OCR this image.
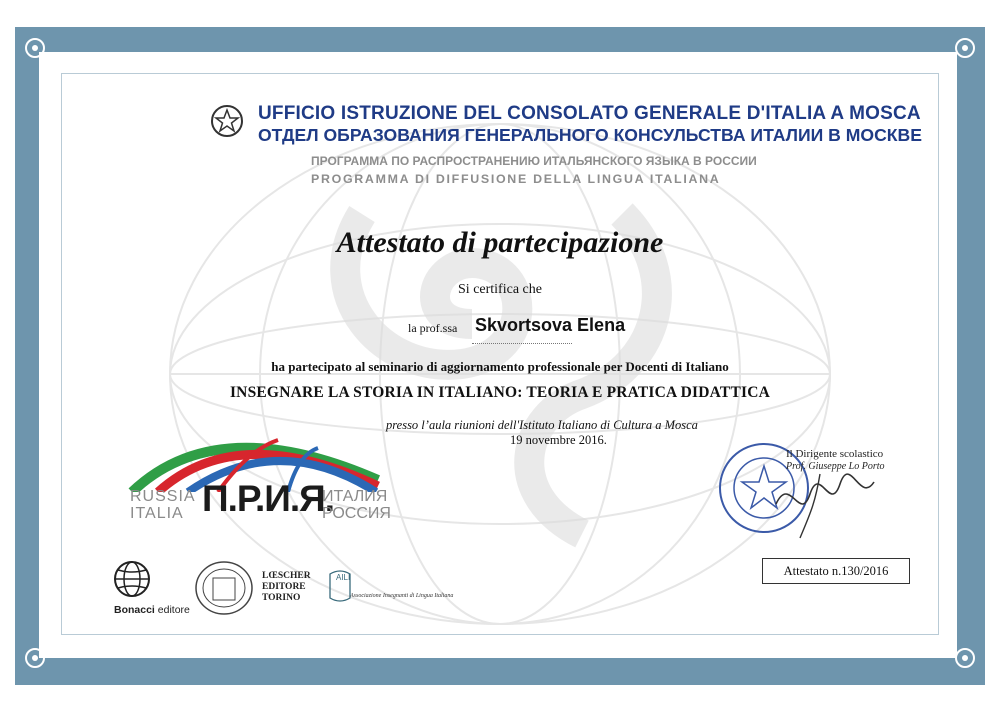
UFFICIO ISTRUZIONE DEL CONSOLATO GENERALE D'ITALIA A MOSCA
ОТДЕЛ ОБРАЗОВАНИЯ ГЕНЕРАЛЬНОГО КОНСУЛЬСТВА ИТАЛИИ В МОСКВЕ
ПРОГРАММА ПО РАСПРОСТРАНЕНИЮ ИТАЛЬЯНСКОГО ЯЗЫКА В РОССИИ
PROGRAMMA DI DIFFUSIONE DELLA LINGUA ITALIANA
Attestato di partecipazione
Si certifica che
la prof.ssa Skvortsova Elena
ha partecipato al seminario di aggiornamento professionale per Docenti di Italiano
INSEGNARE LA STORIA IN ITALIANO: TEORIA E PRATICA DIDATTICA
presso l’aula riunioni dell'Istituto Italiano di Cultura a Mosca
19 novembre 2016.
RUSSIA
ITALIA П.Р.И.Я.
ИТАЛИЯ
РОССИЯ
Il Dirigente scolastico
Prof. Giuseppe Lo Porto
Attestato n.130/2016
Bonacci editore
LŒSCHER
EDITORE
TORINO
AILI
Associazione Insegnanti di Lingua Italiana
